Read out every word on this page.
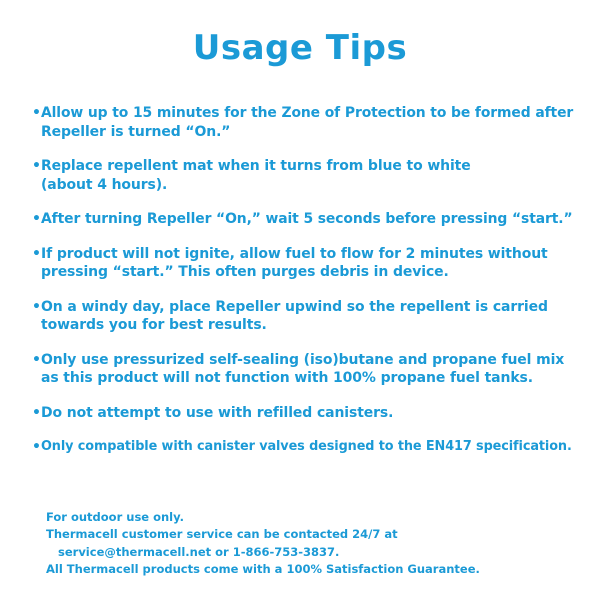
Usage Tips
• Allow up to 15 minutes for the Zone of Protection to be formed after
Repeller is turned “On.”
• Replace repellent mat when it turns from blue to white
(about 4 hours).
• After turning Repeller “On,” wait 5 seconds before pressing “start.”
• If product will not ignite, allow fuel to flow for 2 minutes without
pressing “start.” This often purges debris in device.
• On a windy day, place Repeller upwind so the repellent is carried
towards you for best results.
• Only use pressurized self-sealing (iso)butane and propane fuel mix
as this product will not function with 100% propane fuel tanks.
• Do not attempt to use with refilled canisters.
• Only compatible with canister valves designed to the EN417 specification.
For outdoor use only.
Thermacell customer service can be contacted 24/7 at
service@thermacell.net or 1-866-753-3837.
All Thermacell products come with a 100% Satisfaction Guarantee.
